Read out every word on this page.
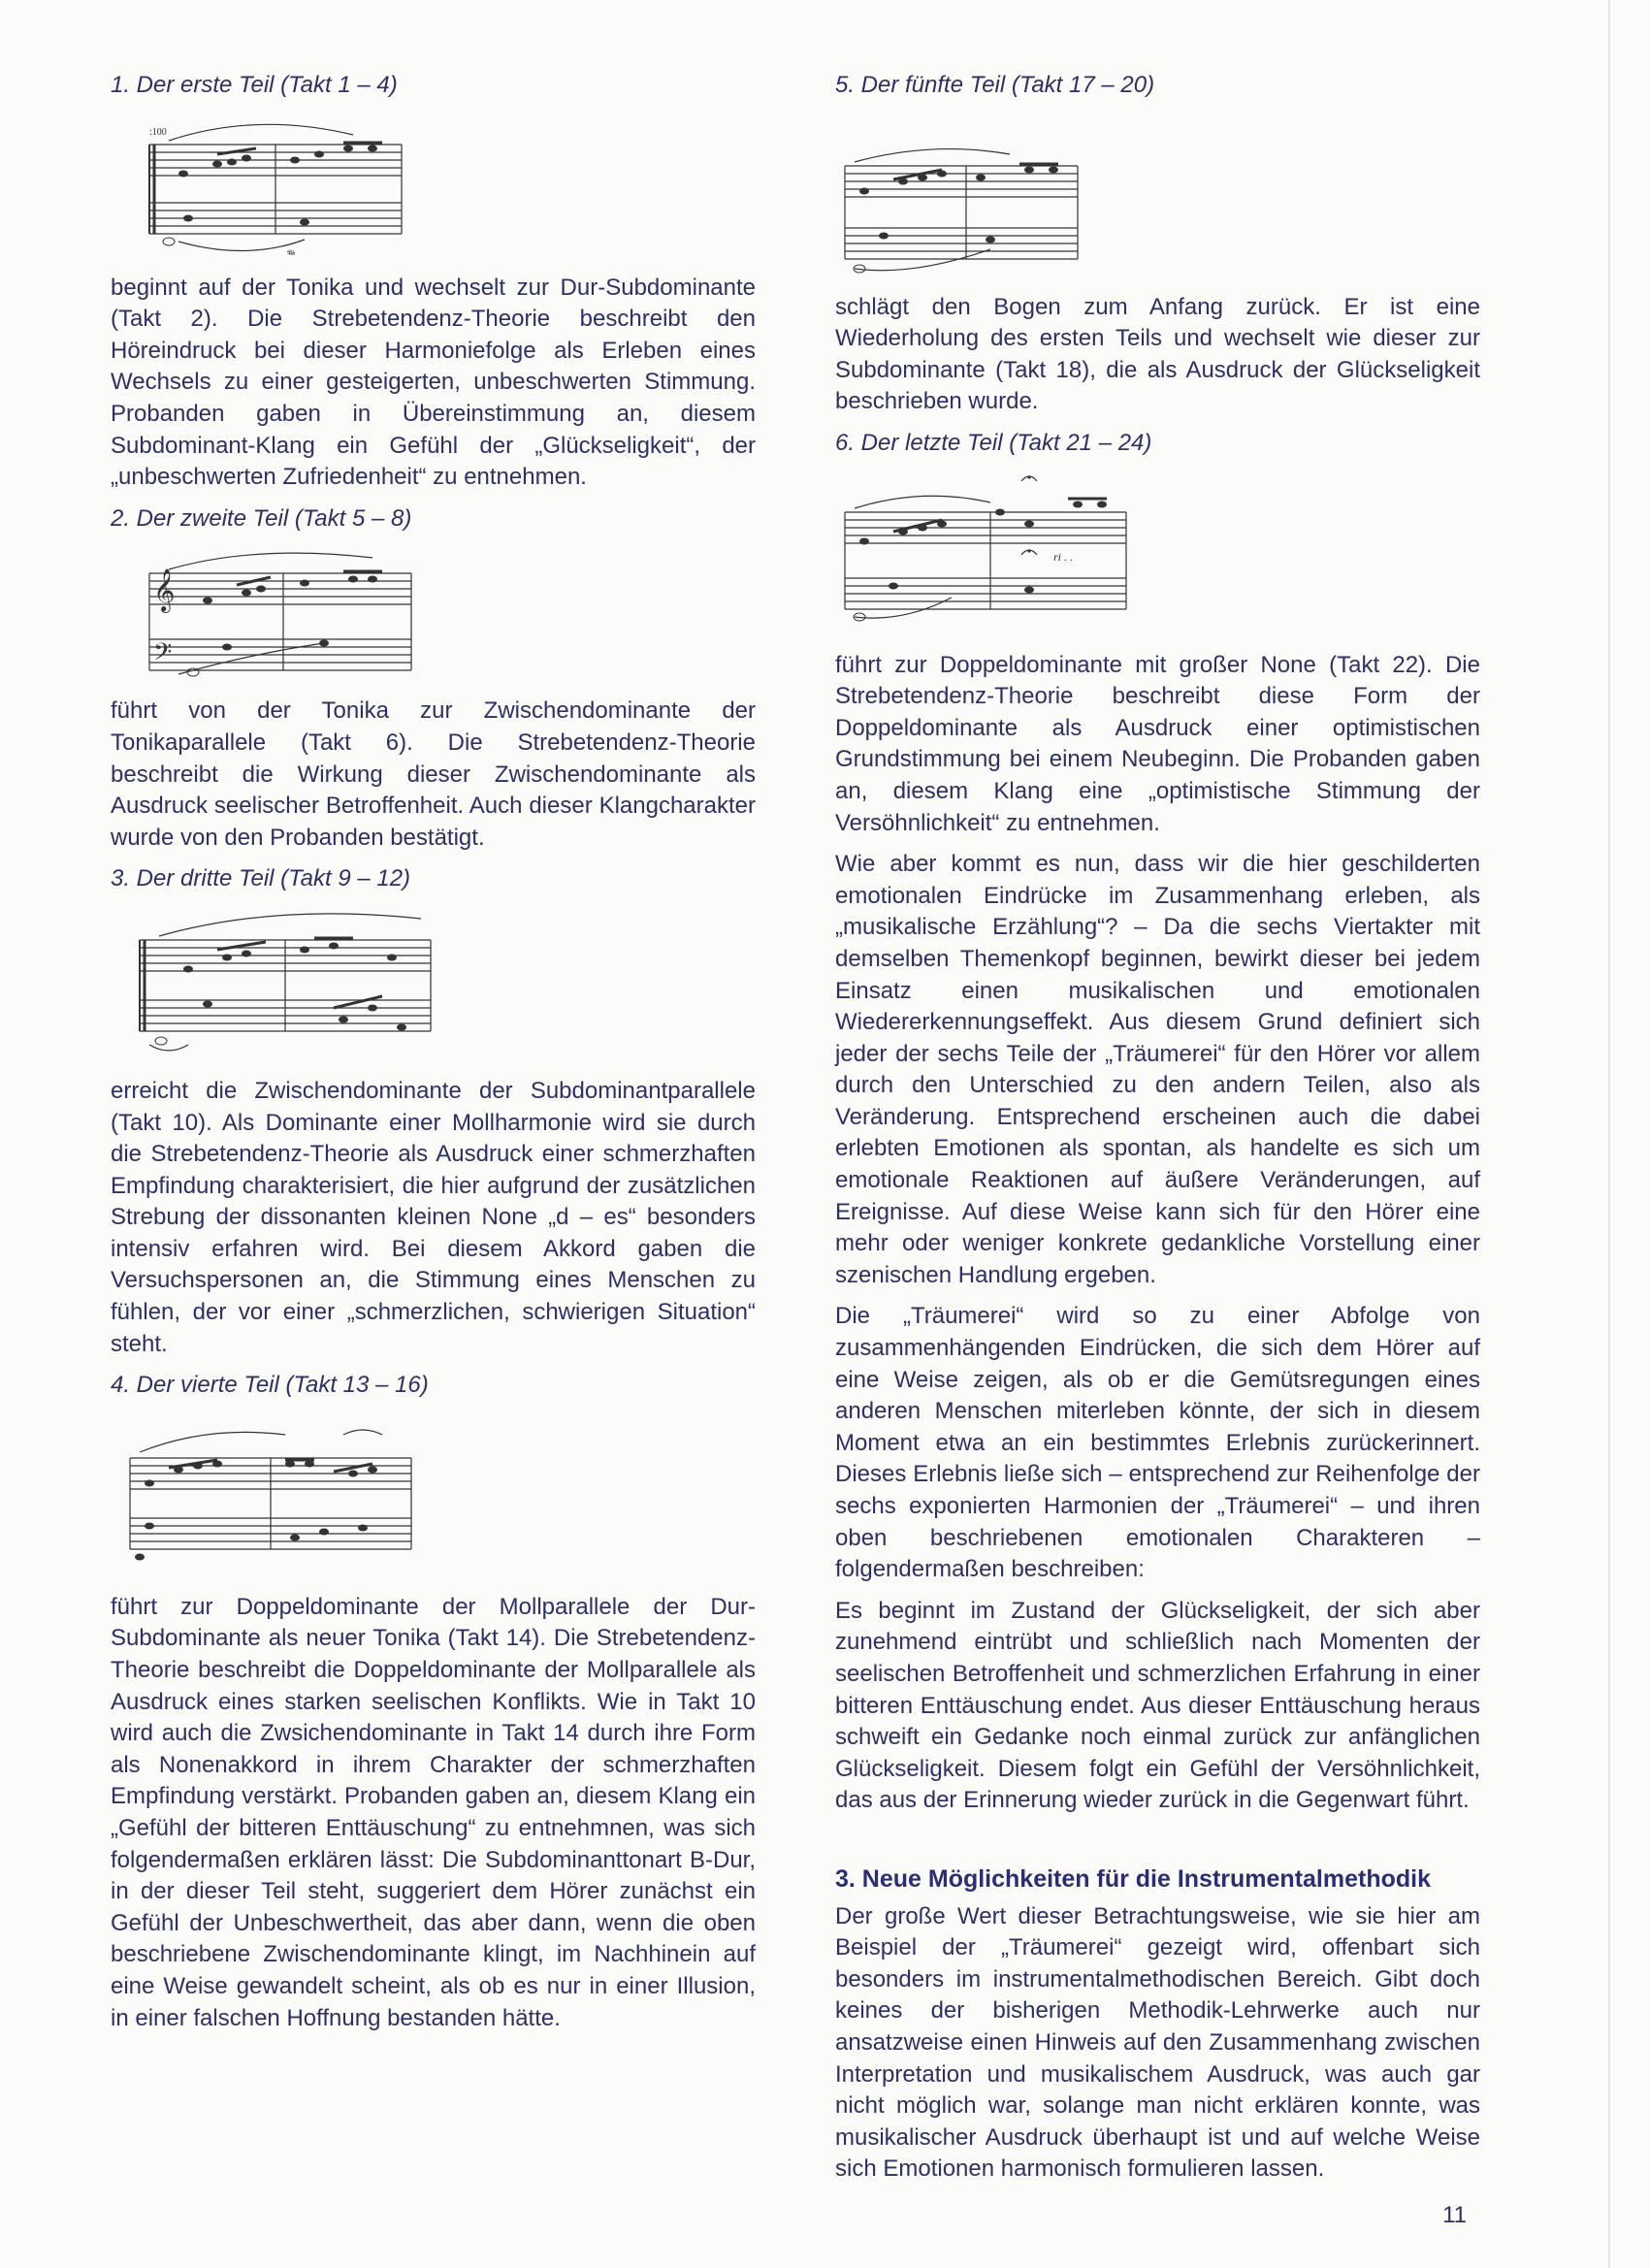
1. Der erste Teil (Takt 1 – 4)
:100
𝆮

beginnt auf der Tonika und wechselt zur Dur-Subdominante (Takt 2). Die Strebetendenz-Theorie beschreibt den Höreindruck bei dieser Harmoniefolge als Erleben eines Wechsels zu einer gesteigerten, unbeschwerten Stimmung. Probanden gaben in Übereinstimmung an, diesem Subdominant-Klang ein Gefühl der „Glückseligkeit“, der „unbeschwerten Zufriedenheit“ zu entnehmen.

2. Der zweite Teil (Takt 5 – 8)
𝄞
𝄢

führt von der Tonika zur Zwischendominante der Tonikaparallele (Takt 6). Die Strebetendenz-Theorie beschreibt die Wirkung dieser Zwischendominante als Ausdruck seelischer Betroffenheit. Auch dieser Klangcharakter wurde von den Probanden bestätigt.

3. Der dritte Teil (Takt 9 – 12)

erreicht die Zwischendominante der Subdominantparallele (Takt 10). Als Dominante einer Mollharmonie wird sie durch die Strebetendenz-Theorie als Ausdruck einer schmerzhaften Empfindung charakterisiert, die hier aufgrund der zusätzlichen Strebung der dissonanten kleinen None „d – es“ besonders intensiv erfahren wird. Bei diesem Akkord gaben die Versuchspersonen an, die Stimmung eines Menschen zu fühlen, der vor einer „schmerzlichen, schwierigen Situation“ steht.

4. Der vierte Teil (Takt 13 – 16)

führt zur Doppeldominante der Mollparallele der Dur-Subdominante als neuer Tonika (Takt 14). Die Strebetendenz-Theorie beschreibt die Doppeldominante der Mollparallele als Ausdruck eines starken seelischen Konflikts. Wie in Takt 10 wird auch die Zwsichendominante in Takt 14 durch ihre Form als Nonenakkord in ihrem Charakter der schmerzhaften Empfindung verstärkt. Probanden gaben an, diesem Klang ein „Gefühl der bitteren Enttäuschung“ zu entnehmnen, was sich folgendermaßen erklären lässt: Die Subdominanttonart B-Dur, in der dieser Teil steht, suggeriert dem Hörer zunächst ein Gefühl der Unbeschwertheit, das aber dann, wenn die oben beschriebene Zwischendominante klingt, im Nachhinein auf eine Weise gewandelt scheint, als ob es nur in einer Illusion, in einer falschen Hoffnung bestanden hätte.

5. Der fünfte Teil (Takt 17 – 20)

schlägt den Bogen zum Anfang zurück. Er ist eine Wiederholung des ersten Teils und wechselt wie dieser zur Subdominante (Takt 18), die als Ausdruck der Glückseligkeit beschrieben wurde.

6. Der letzte Teil (Takt 21 – 24)
ri . .

führt zur Doppeldominante mit großer None (Takt 22). Die Strebetendenz-Theorie beschreibt diese Form der Doppeldominante als Ausdruck einer optimistischen Grundstimmung bei einem Neubeginn. Die Probanden gaben an, diesem Klang eine „optimistische Stimmung der Versöhnlichkeit“ zu entnehmen.

Wie aber kommt es nun, dass wir die hier geschilderten emotionalen Eindrücke im Zusammenhang erleben, als „musikalische Erzählung“? – Da die sechs Viertakter mit demselben Themenkopf beginnen, bewirkt dieser bei jedem Einsatz einen musikalischen und emotionalen Wiedererkennungseffekt. Aus diesem Grund definiert sich jeder der sechs Teile der „Träumerei“ für den Hörer vor allem durch den Unterschied zu den andern Teilen, also als Veränderung. Entsprechend erscheinen auch die dabei erlebten Emotionen als spontan, als handelte es sich um emotionale Reaktionen auf äußere Veränderungen, auf Ereignisse. Auf diese Weise kann sich für den Hörer eine mehr oder weniger konkrete gedankliche Vorstellung einer szenischen Handlung ergeben.

Die „Träumerei“ wird so zu einer Abfolge von zusammenhängenden Eindrücken, die sich dem Hörer auf eine Weise zeigen, als ob er die Gemütsregungen eines anderen Menschen miterleben könnte, der sich in diesem Moment etwa an ein bestimmtes Erlebnis zurückerinnert. Dieses Erlebnis ließe sich – entsprechend zur Reihenfolge der sechs exponierten Harmonien der „Träumerei“ – und ihren oben beschriebenen emotionalen Charakteren – folgendermaßen beschreiben:

Es beginnt im Zustand der Glückseligkeit, der sich aber zunehmend eintrübt und schließlich nach Momenten der seelischen Betroffenheit und schmerzlichen Erfahrung in einer bitteren Enttäuschung endet. Aus dieser Enttäuschung heraus schweift ein Gedanke noch einmal zurück zur anfänglichen Glückseligkeit. Diesem folgt ein Gefühl der Versöhnlichkeit, das aus der Erinnerung wieder zurück in die Gegenwart führt.

3. Neue Möglichkeiten für die Instrumentalmethodik

Der große Wert dieser Betrachtungsweise, wie sie hier am Beispiel der „Träumerei“ gezeigt wird, offenbart sich besonders im instrumentalmethodischen Bereich. Gibt doch keines der bisherigen Methodik-Lehrwerke auch nur ansatzweise einen Hinweis auf den Zusammenhang zwischen Interpretation und musikalischem Ausdruck, was auch gar nicht möglich war, solange man nicht erklären konnte, was musikalischer Ausdruck überhaupt ist und auf welche Weise sich Emotionen harmonisch formulieren lassen.

11
